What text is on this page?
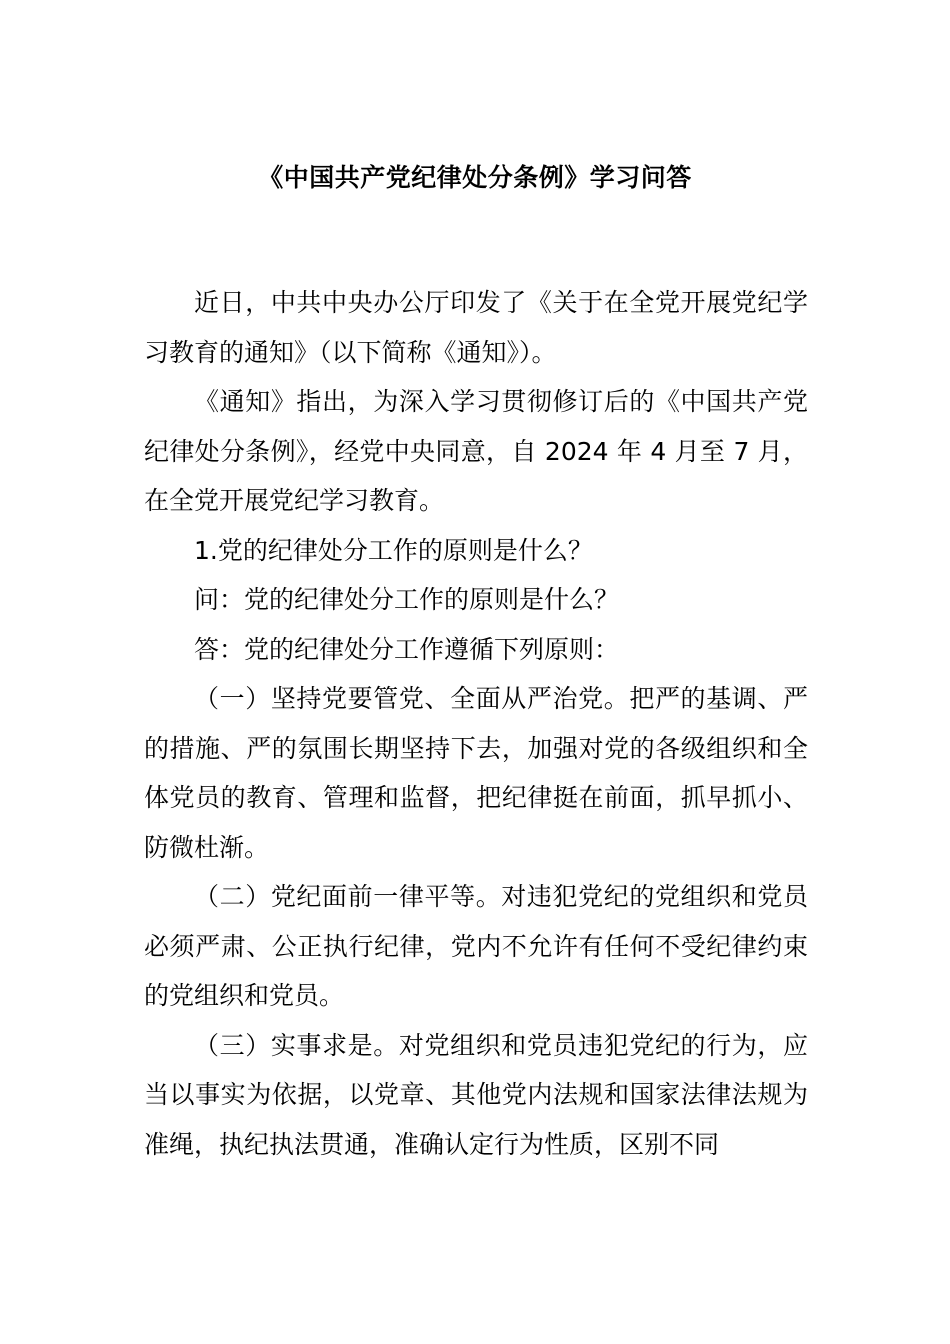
《中国共产党纪律处分条例》学习问答

近日，中共中央办公厅印发了《关于在全党开展党纪学习教育的通知》（以下简称《通知》）。

《通知》指出，为深入学习贯彻修订后的《中国共产党纪律处分条例》，经党中央同意，自 2024 年 4 月至 7 月，在全党开展党纪学习教育。

1.党的纪律处分工作的原则是什么？

问：党的纪律处分工作的原则是什么？

答：党的纪律处分工作遵循下列原则：

（一）坚持党要管党、全面从严治党。把严的基调、严的措施、严的氛围长期坚持下去，加强对党的各级组织和全体党员的教育、管理和监督，把纪律挺在前面，抓早抓小、防微杜渐。

（二）党纪面前一律平等。对违犯党纪的党组织和党员必须严肃、公正执行纪律，党内不允许有任何不受纪律约束的党组织和党员。

（三）实事求是。对党组织和党员违犯党纪的行为，应当以事实为依据，以党章、其他党内法规和国家法律法规为准绳，执纪执法贯通，准确认定行为性质，区别不同
